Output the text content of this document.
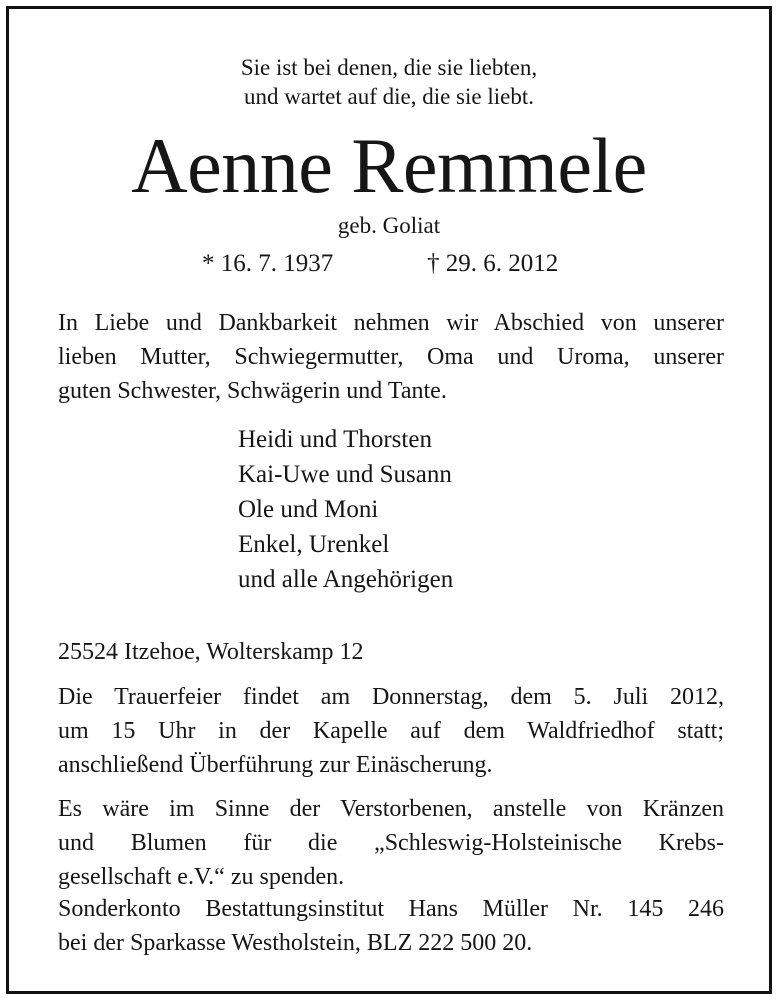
Sie ist bei denen, die sie liebten,
und wartet auf die, die sie liebt.
Aenne Remmele
geb. Goliat
* 16. 7. 1937	† 29. 6. 2012
In Liebe und Dankbarkeit nehmen wir Abschied von unserer
lieben Mutter, Schwiegermutter, Oma und Uroma, unserer
guten Schwester, Schwägerin und Tante.
Heidi und Thorsten
Kai-Uwe und Susann
Ole und Moni
Enkel, Urenkel
und alle Angehörigen
25524 Itzehoe, Wolterskamp 12
Die Trauerfeier findet am Donnerstag, dem 5. Juli 2012,
um 15 Uhr in der Kapelle auf dem Waldfriedhof statt;
anschließend Überführung zur Einäscherung.
Es wäre im Sinne der Verstorbenen, anstelle von Kränzen
und Blumen für die „Schleswig-Holsteinische Krebs-
gesellschaft e.V.“ zu spenden.
Sonderkonto Bestattungsinstitut Hans Müller Nr. 145 246
bei der Sparkasse Westholstein, BLZ 222 500 20.
